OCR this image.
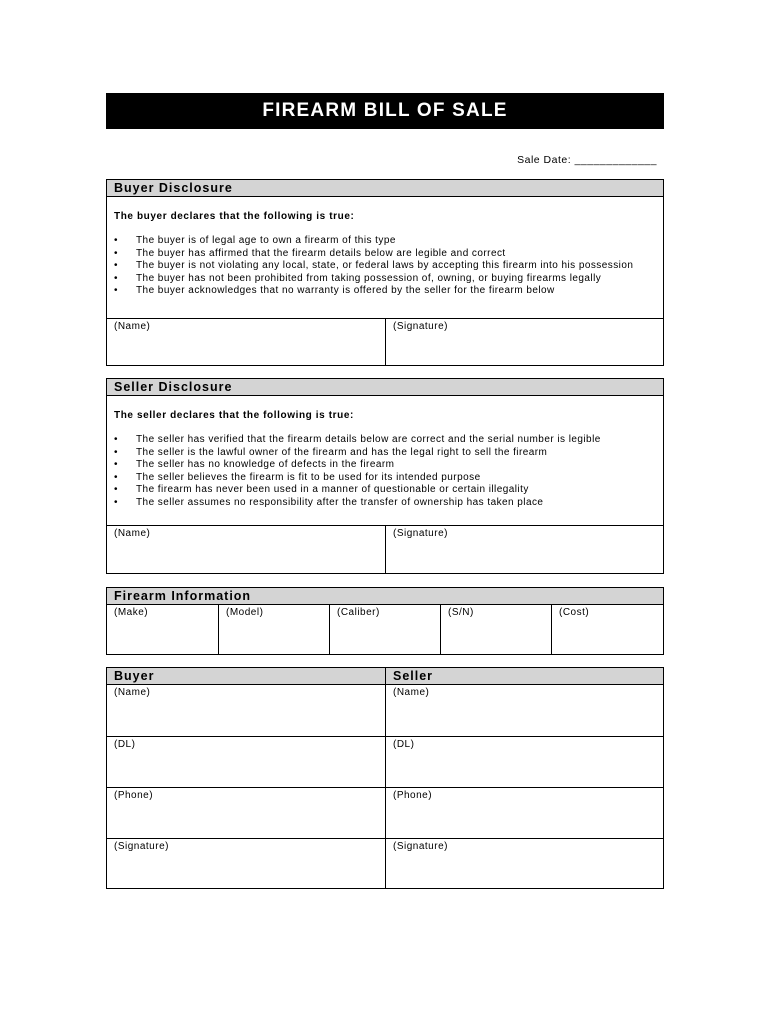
FIREARM BILL OF SALE
Sale Date: _____________
Buyer Disclosure
The buyer declares that the following is true:
• The buyer is of legal age to own a firearm of this type
• The buyer has affirmed that the firearm details below are legible and correct
• The buyer is not violating any local, state, or federal laws by accepting this firearm into his possession
• The buyer has not been prohibited from taking possession of, owning, or buying firearms legally
• The buyer acknowledges that no warranty is offered by the seller for the firearm below
(Name)	(Signature)
Seller Disclosure
The seller declares that the following is true:
• The seller has verified that the firearm details below are correct and the serial number is legible
• The seller is the lawful owner of the firearm and has the legal right to sell the firearm
• The seller has no knowledge of defects in the firearm
• The seller believes the firearm is fit to be used for its intended purpose
• The firearm has never been used in a manner of questionable or certain illegality
• The seller assumes no responsibility after the transfer of ownership has taken place
(Name)	(Signature)
Firearm Information
(Make)	(Model)	(Caliber)	(S/N)	(Cost)
Buyer	Seller
(Name)	(Name)
(DL)	(DL)
(Phone)	(Phone)
(Signature)	(Signature)
